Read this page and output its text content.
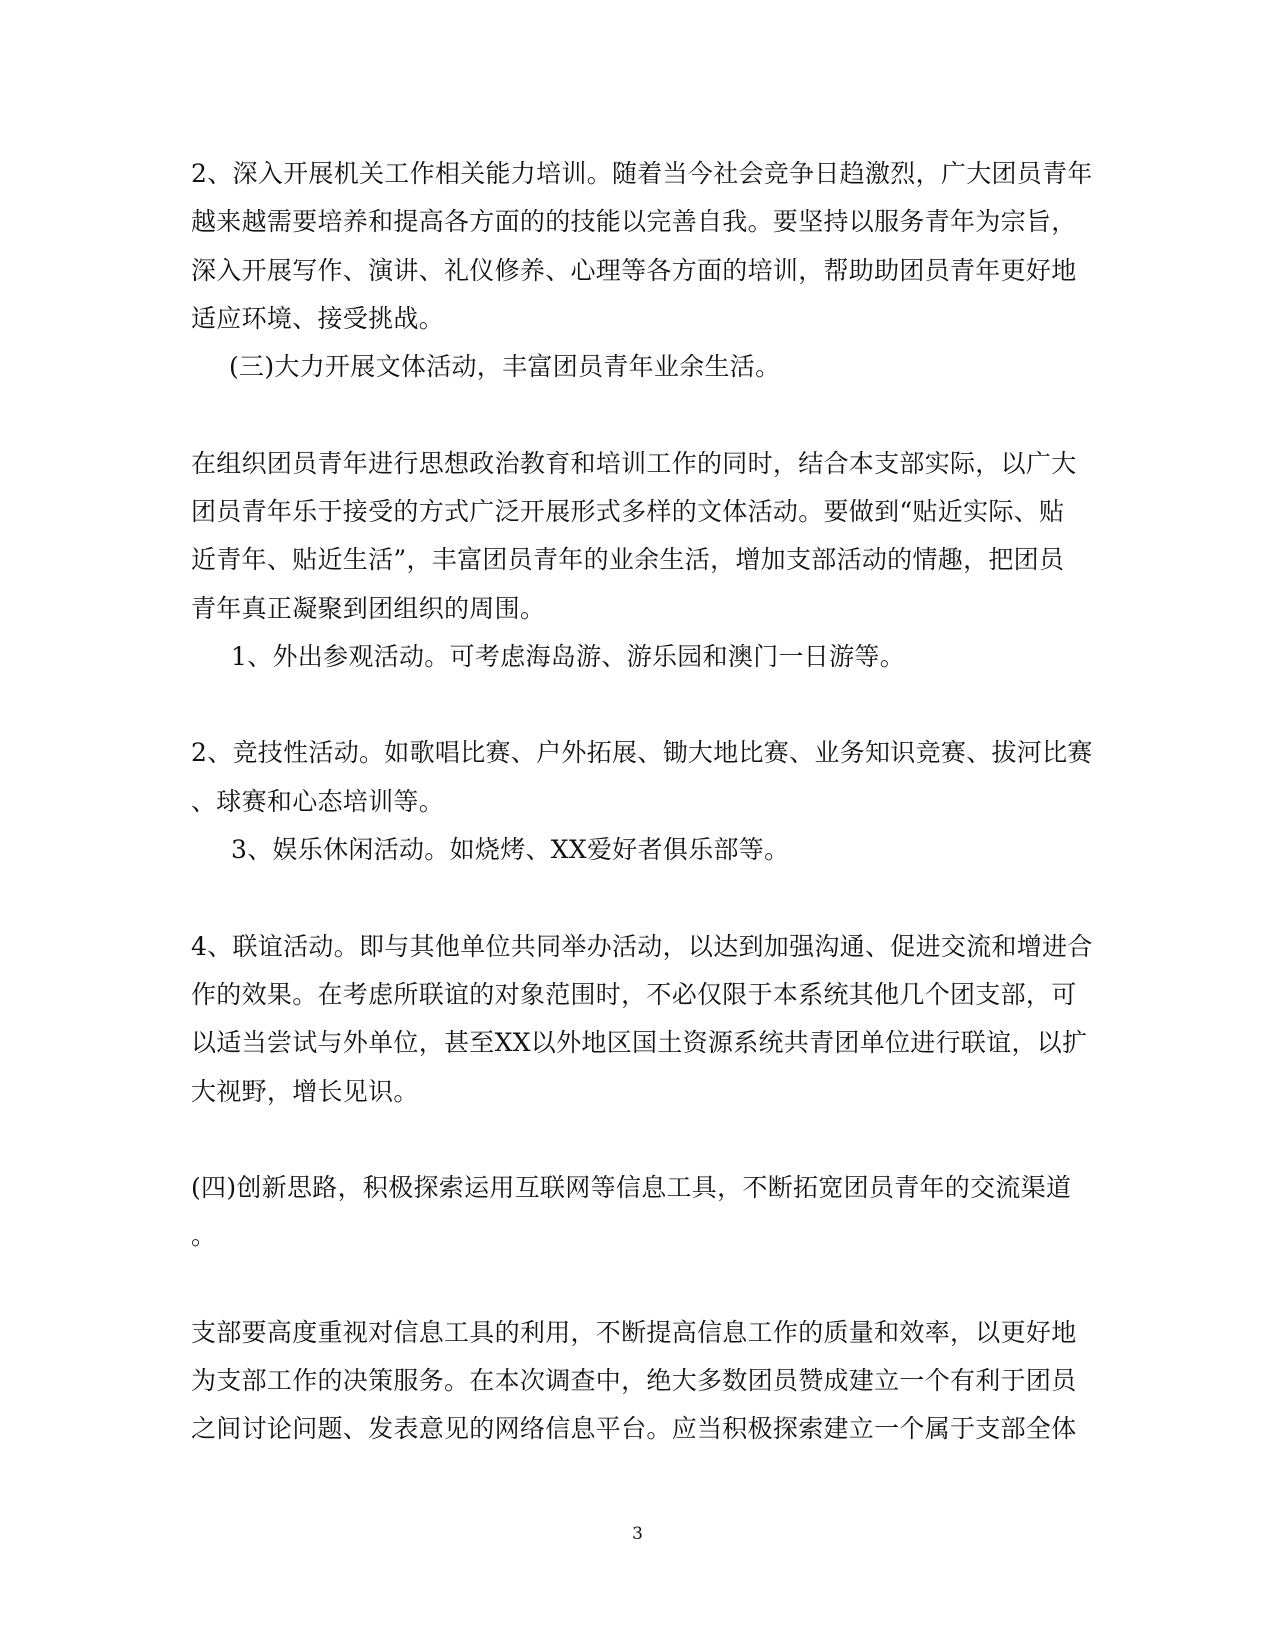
2、深入开展机关工作相关能力培训。随着当今社会竞争日趋激烈，广大团员青年
越来越需要培养和提高各方面的的技能以完善自我。要坚持以服务青年为宗旨，
深入开展写作、演讲、礼仪修养、心理等各方面的培训，帮助助团员青年更好地
适应环境、接受挑战。
(三)大力开展文体活动，丰富团员青年业余生活。
在组织团员青年进行思想政治教育和培训工作的同时，结合本支部实际，以广大
团员青年乐于接受的方式广泛开展形式多样的文体活动。要做到“贴近实际、贴
近青年、贴近生活”，丰富团员青年的业余生活，增加支部活动的情趣，把团员
青年真正凝聚到团组织的周围。
1、外出参观活动。可考虑海岛游、游乐园和澳门一日游等。
2、竞技性活动。如歌唱比赛、户外拓展、锄大地比赛、业务知识竞赛、拔河比赛
、球赛和心态培训等。
3、娱乐休闲活动。如烧烤、XX爱好者俱乐部等。
4、联谊活动。即与其他单位共同举办活动，以达到加强沟通、促进交流和增进合
作的效果。在考虑所联谊的对象范围时，不必仅限于本系统其他几个团支部，可
以适当尝试与外单位，甚至XX以外地区国土资源系统共青团单位进行联谊，以扩
大视野，增长见识。
(四)创新思路，积极探索运用互联网等信息工具，不断拓宽团员青年的交流渠道
。
支部要高度重视对信息工具的利用，不断提高信息工作的质量和效率，以更好地
为支部工作的决策服务。在本次调查中，绝大多数团员赞成建立一个有利于团员
之间讨论问题、发表意见的网络信息平台。应当积极探索建立一个属于支部全体
3
